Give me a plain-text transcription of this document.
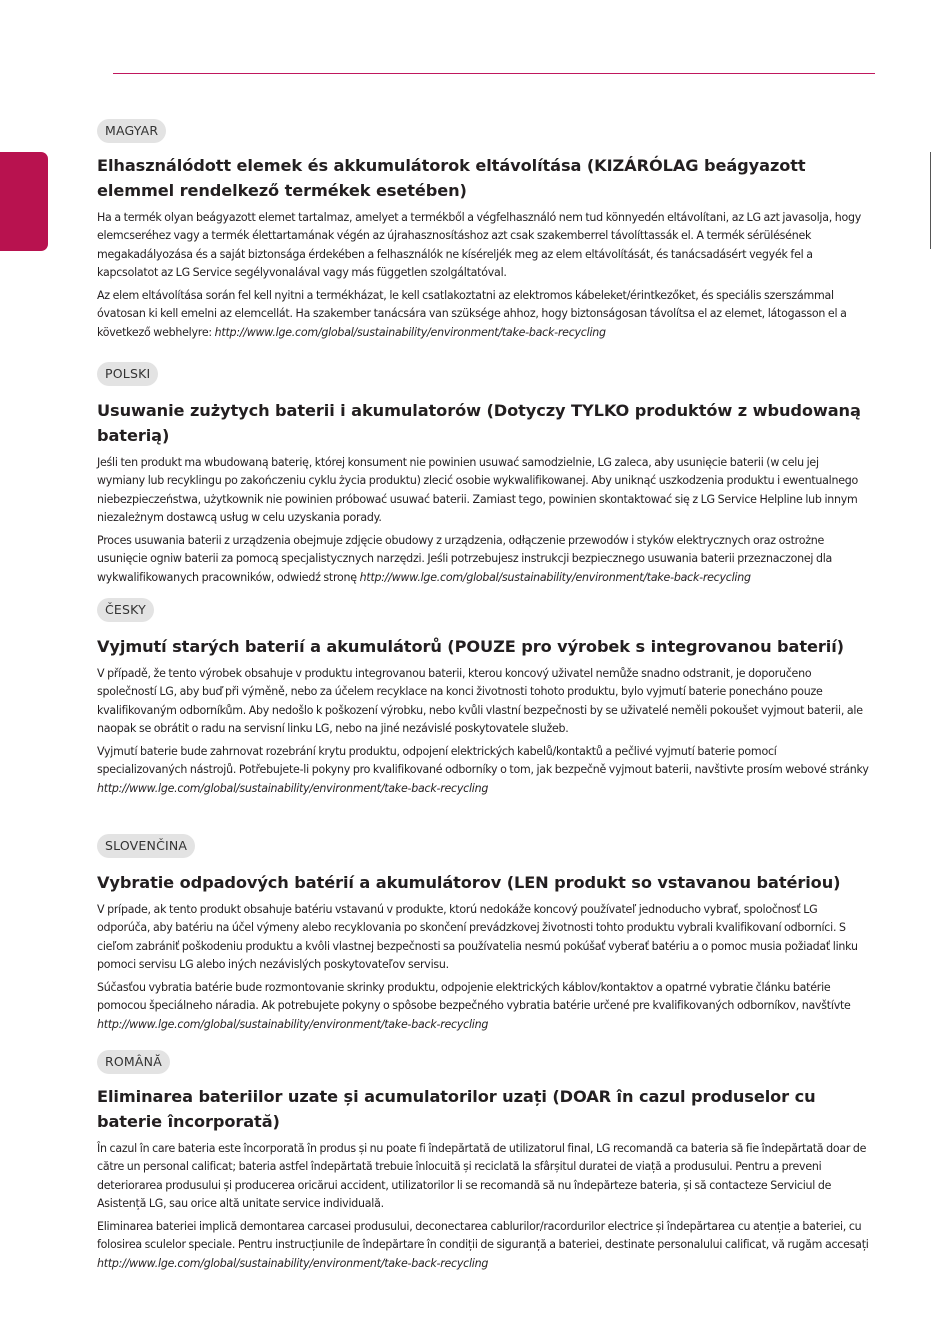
MAGYAR
Elhasználódott elemek és akkumulátorok eltávolítása (KIZÁRÓLAG beágyazott elemmel rendelkező termékek esetében)

Ha a termék olyan beágyazott elemet tartalmaz, amelyet a termékből a végfelhasználó nem tud könnyedén eltávolítani, az LG azt javasolja, hogy elemcseréhez vagy a termék élettartamának végén az újrahasznosításhoz azt csak szakemberrel távolíttassák el. A termék sérülésének megakadályozása és a saját biztonsága érdekében a felhasználók ne kíséreljék meg az elem eltávolítását, és tanácsadásért vegyék fel a kapcsolatot az LG Service segélyvonalával vagy más független szolgáltatóval.

Az elem eltávolítása során fel kell nyitni a termékházat, le kell csatlakoztatni az elektromos kábeleket/érintkezőket, és speciális szerszámmal óvatosan ki kell emelni az elemcellát. Ha szakember tanácsára van szüksége ahhoz, hogy biztonságosan távolítsa el az elemet, látogasson el a következő webhelyre: http://www.lge.com/global/sustainability/environment/take-back-recycling

POLSKI
Usuwanie zużytych baterii i akumulatorów (Dotyczy TYLKO produktów z wbudowaną baterią)

Jeśli ten produkt ma wbudowaną baterię, której konsument nie powinien usuwać samodzielnie, LG zaleca, aby usunięcie baterii (w celu jej wymiany lub recyklingu po zakończeniu cyklu życia produktu) zlecić osobie wykwalifikowanej. Aby uniknąć uszkodzenia produktu i ewentualnego niebezpieczeństwa, użytkownik nie powinien próbować usuwać baterii. Zamiast tego, powinien skontaktować się z LG Service Helpline lub innym niezależnym dostawcą usług w celu uzyskania porady.

Proces usuwania baterii z urządzenia obejmuje zdjęcie obudowy z urządzenia, odłączenie przewodów i styków elektrycznych oraz ostrożne usunięcie ogniw baterii za pomocą specjalistycznych narzędzi. Jeśli potrzebujesz instrukcji bezpiecznego usuwania baterii przeznaczonej dla wykwalifikowanych pracowników, odwiedź stronę http://www.lge.com/global/sustainability/environment/take-back-recycling

ČESKY
Vyjmutí starých baterií a akumulátorů (POUZE pro výrobek s integrovanou baterií)

V případě, že tento výrobek obsahuje v produktu integrovanou baterii, kterou koncový uživatel nemůže snadno odstranit, je doporučeno společností LG, aby buď při výměně, nebo za účelem recyklace na konci životnosti tohoto produktu, bylo vyjmutí baterie ponecháno pouze kvalifikovaným odborníkům. Aby nedošlo k poškození výrobku, nebo kvůli vlastní bezpečnosti by se uživatelé neměli pokoušet vyjmout baterii, ale naopak se obrátit o radu na servisní linku LG, nebo na jiné nezávislé poskytovatele služeb.

Vyjmutí baterie bude zahrnovat rozebrání krytu produktu, odpojení elektrických kabelů/kontaktů a pečlivé vyjmutí baterie pomocí specializovaných nástrojů. Potřebujete-li pokyny pro kvalifikované odborníky o tom, jak bezpečně vyjmout baterii, navštivte prosím webové stránky http://www.lge.com/global/sustainability/environment/take-back-recycling

SLOVENČINA
Vybratie odpadových batérií a akumulátorov (LEN produkt so vstavanou batériou)

V prípade, ak tento produkt obsahuje batériu vstavanú v produkte, ktorú nedokáže koncový používateľ jednoducho vybrať, spoločnosť LG odporúča, aby batériu na účel výmeny alebo recyklovania po skončení prevádzkovej životnosti tohto produktu vybrali kvalifikovaní odborníci. S cieľom zabrániť poškodeniu produktu a kvôli vlastnej bezpečnosti sa používatelia nesmú pokúšať vyberať batériu a o pomoc musia požiadať linku pomoci servisu LG alebo iných nezávislých poskytovateľov servisu.

Súčasťou vybratia batérie bude rozmontovanie skrinky produktu, odpojenie elektrických káblov/kontaktov a opatrné vybratie článku batérie pomocou špeciálneho náradia. Ak potrebujete pokyny o spôsobe bezpečného vybratia batérie určené pre kvalifikovaných odborníkov, navštívte http://www.lge.com/global/sustainability/environment/take-back-recycling

ROMÂNĂ
Eliminarea bateriilor uzate și acumulatorilor uzați (DOAR în cazul produselor cu baterie încorporată)

În cazul în care bateria este încorporată în produs și nu poate fi îndepărtată de utilizatorul final, LG recomandă ca bateria să fie îndepărtată doar de către un personal calificat; bateria astfel îndepărtată trebuie înlocuită și reciclată la sfârșitul duratei de viață a produsului. Pentru a preveni deteriorarea produsului și producerea oricărui accident, utilizatorilor li se recomandă să nu îndepărteze bateria, și să contacteze Serviciul de Asistență LG, sau orice altă unitate service individuală.

Eliminarea bateriei implică demontarea carcasei produsului, deconectarea cablurilor/racordurilor electrice și îndepărtarea cu atenție a bateriei, cu folosirea sculelor speciale. Pentru instrucțiunile de îndepărtare în condiții de siguranță a bateriei, destinate personalului calificat, vă rugăm accesați http://www.lge.com/global/sustainability/environment/take-back-recycling
